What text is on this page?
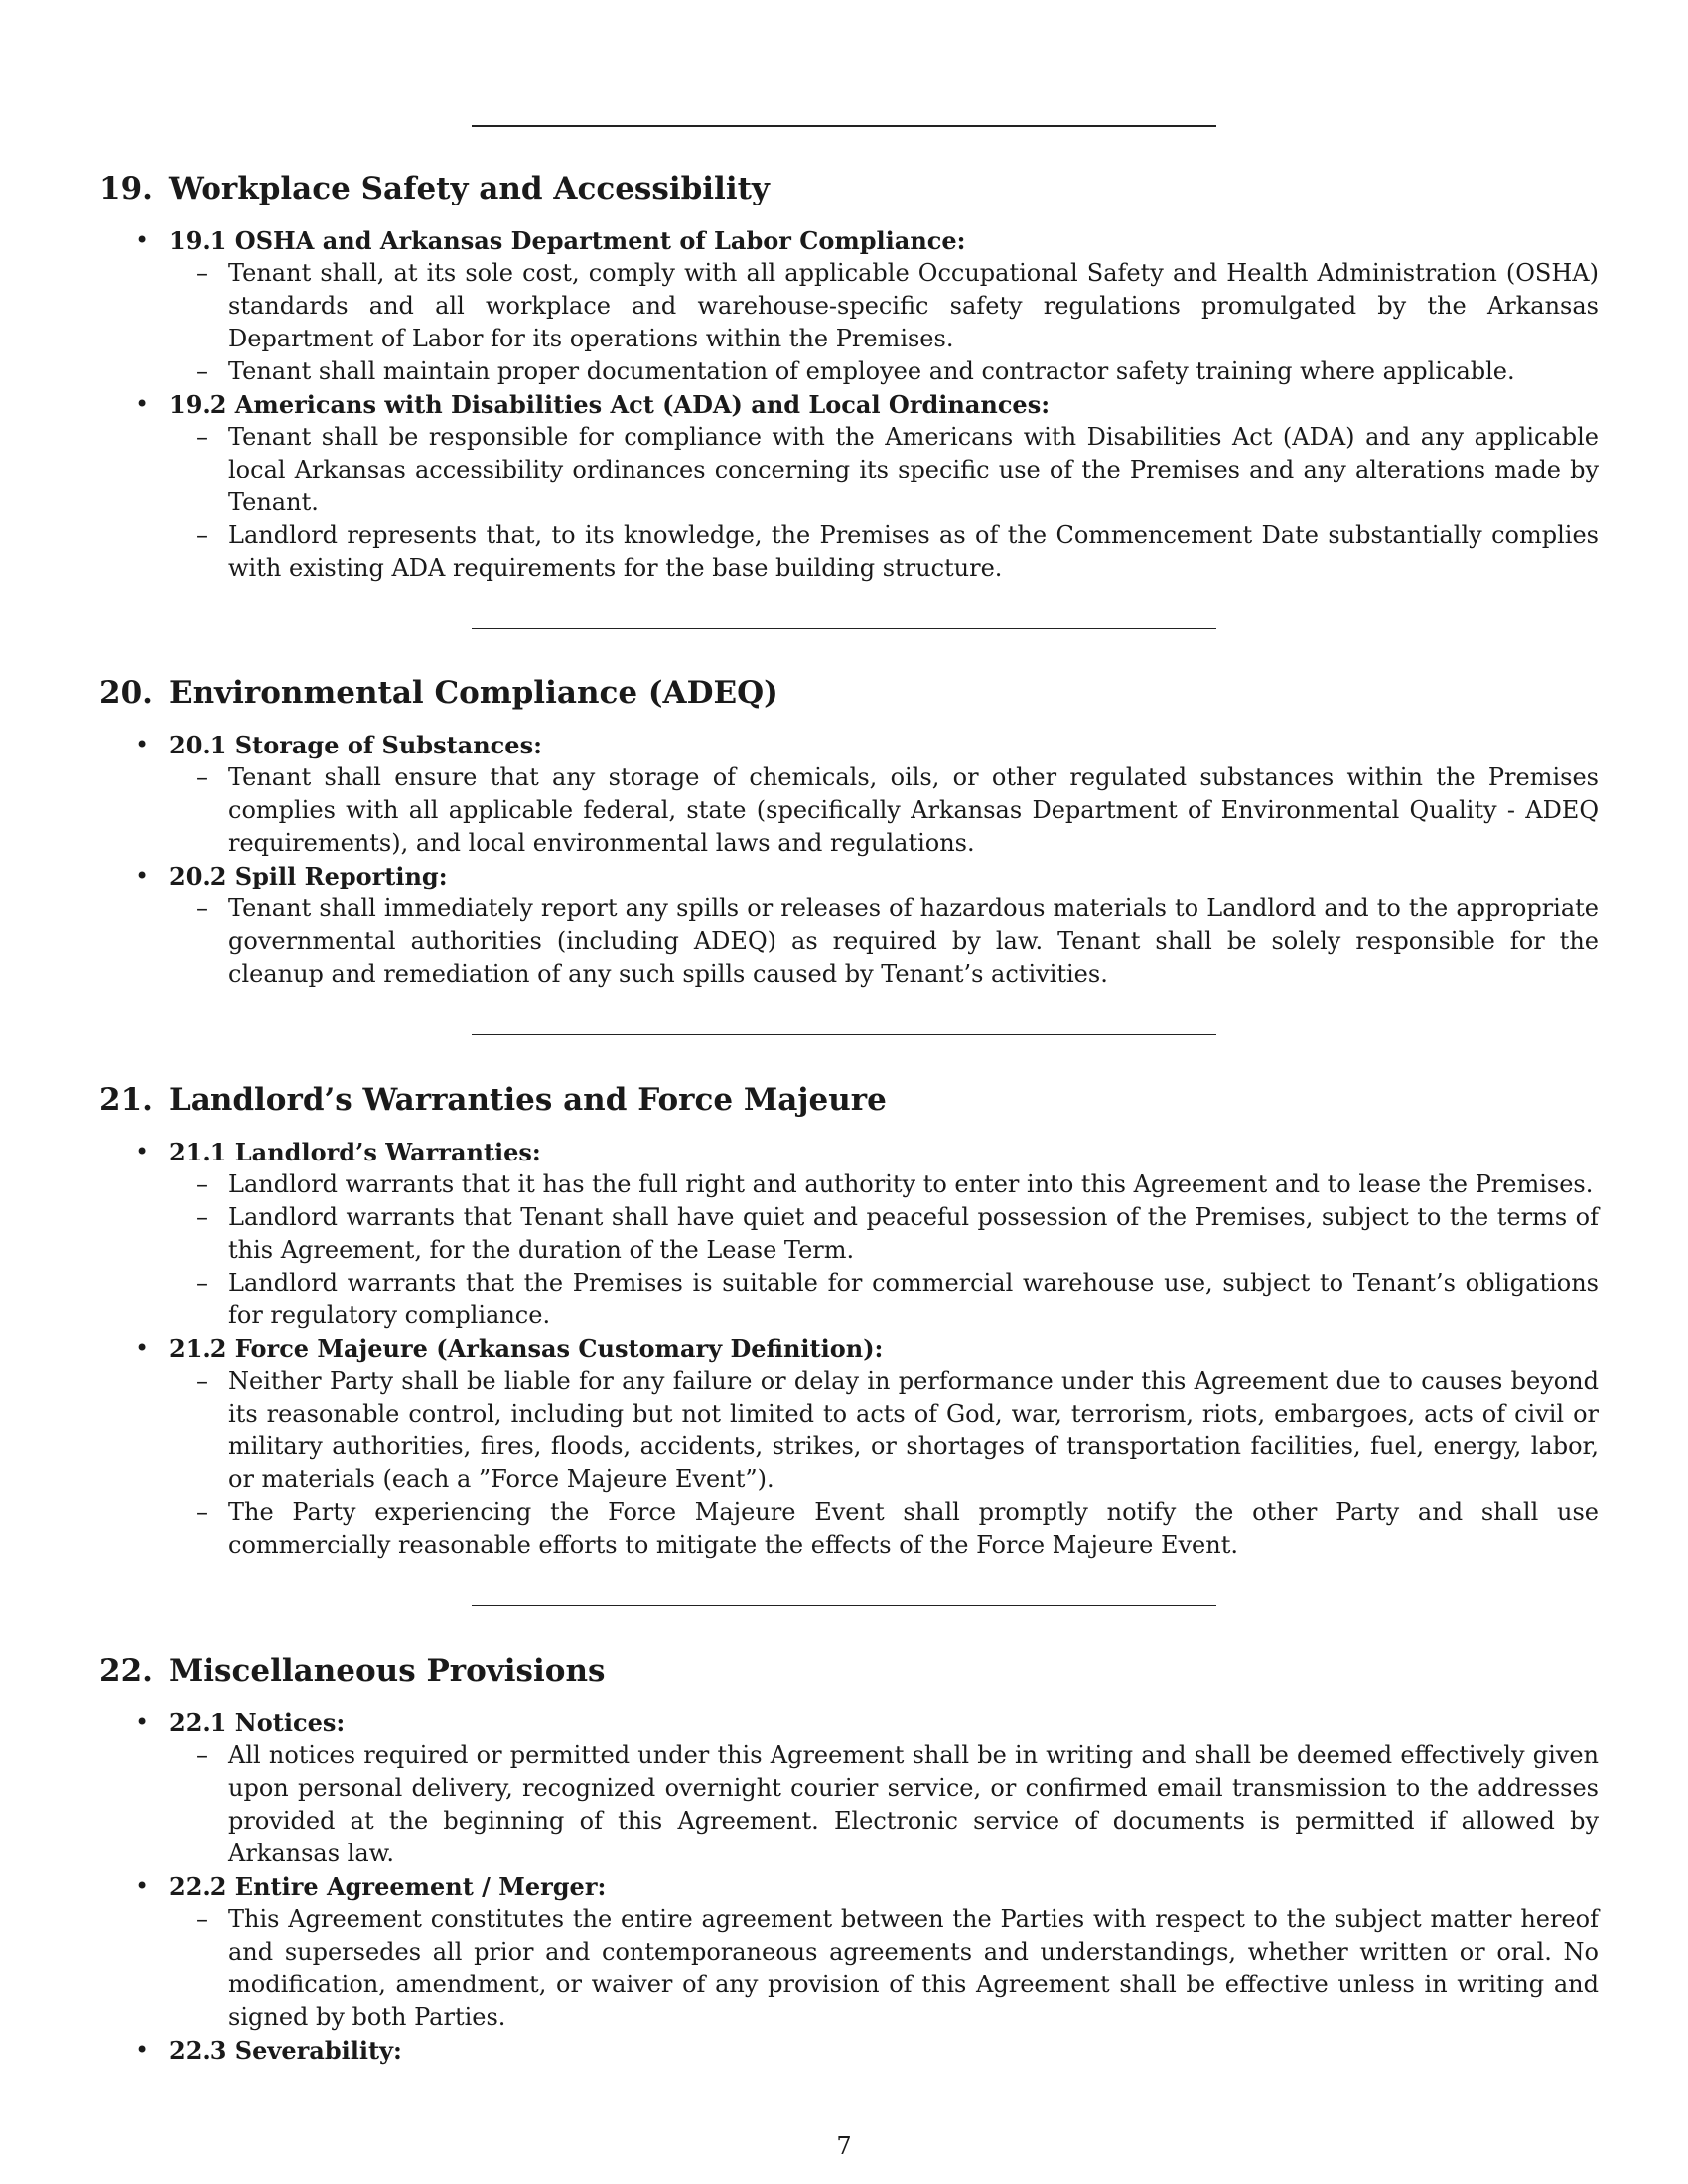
19. Workplace Safety and Accessibility
• 19.1 OSHA and Arkansas Department of Labor Compliance:
– Tenant shall, at its sole cost, comply with all applicable Occupational Safety and Health Administration (OSHA) standards and all workplace and warehouse-specific safety regulations promulgated by the Arkansas Department of Labor for its operations within the Premises.
– Tenant shall maintain proper documentation of employee and contractor safety training where applicable.
• 19.2 Americans with Disabilities Act (ADA) and Local Ordinances:
– Tenant shall be responsible for compliance with the Americans with Disabilities Act (ADA) and any applicable local Arkansas accessibility ordinances concerning its specific use of the Premises and any alterations made by Tenant.
– Landlord represents that, to its knowledge, the Premises as of the Commencement Date substantially complies with existing ADA requirements for the base building structure.
20. Environmental Compliance (ADEQ)
• 20.1 Storage of Substances:
– Tenant shall ensure that any storage of chemicals, oils, or other regulated substances within the Premises complies with all applicable federal, state (specifically Arkansas Department of Environmental Quality - ADEQ requirements), and local environmental laws and regulations.
• 20.2 Spill Reporting:
– Tenant shall immediately report any spills or releases of hazardous materials to Landlord and to the appropriate governmental authorities (including ADEQ) as required by law. Tenant shall be solely responsible for the cleanup and remediation of any such spills caused by Tenant’s activities.
21. Landlord’s Warranties and Force Majeure
• 21.1 Landlord’s Warranties:
– Landlord warrants that it has the full right and authority to enter into this Agreement and to lease the Premises.
– Landlord warrants that Tenant shall have quiet and peaceful possession of the Premises, subject to the terms of this Agreement, for the duration of the Lease Term.
– Landlord warrants that the Premises is suitable for commercial warehouse use, subject to Tenant’s obligations for regulatory compliance.
• 21.2 Force Majeure (Arkansas Customary Definition):
– Neither Party shall be liable for any failure or delay in performance under this Agreement due to causes beyond its reasonable control, including but not limited to acts of God, war, terrorism, riots, embargoes, acts of civil or military authorities, fires, floods, accidents, strikes, or shortages of transportation facilities, fuel, energy, labor, or materials (each a ”Force Majeure Event”).
– The Party experiencing the Force Majeure Event shall promptly notify the other Party and shall use commercially reasonable efforts to mitigate the effects of the Force Majeure Event.
22. Miscellaneous Provisions
• 22.1 Notices:
– All notices required or permitted under this Agreement shall be in writing and shall be deemed effectively given upon personal delivery, recognized overnight courier service, or confirmed email transmission to the addresses provided at the beginning of this Agreement. Electronic service of documents is permitted if allowed by Arkansas law.
• 22.2 Entire Agreement / Merger:
– This Agreement constitutes the entire agreement between the Parties with respect to the subject matter hereof and supersedes all prior and contemporaneous agreements and understandings, whether written or oral. No modification, amendment, or waiver of any provision of this Agreement shall be effective unless in writing and signed by both Parties.
• 22.3 Severability:
7
